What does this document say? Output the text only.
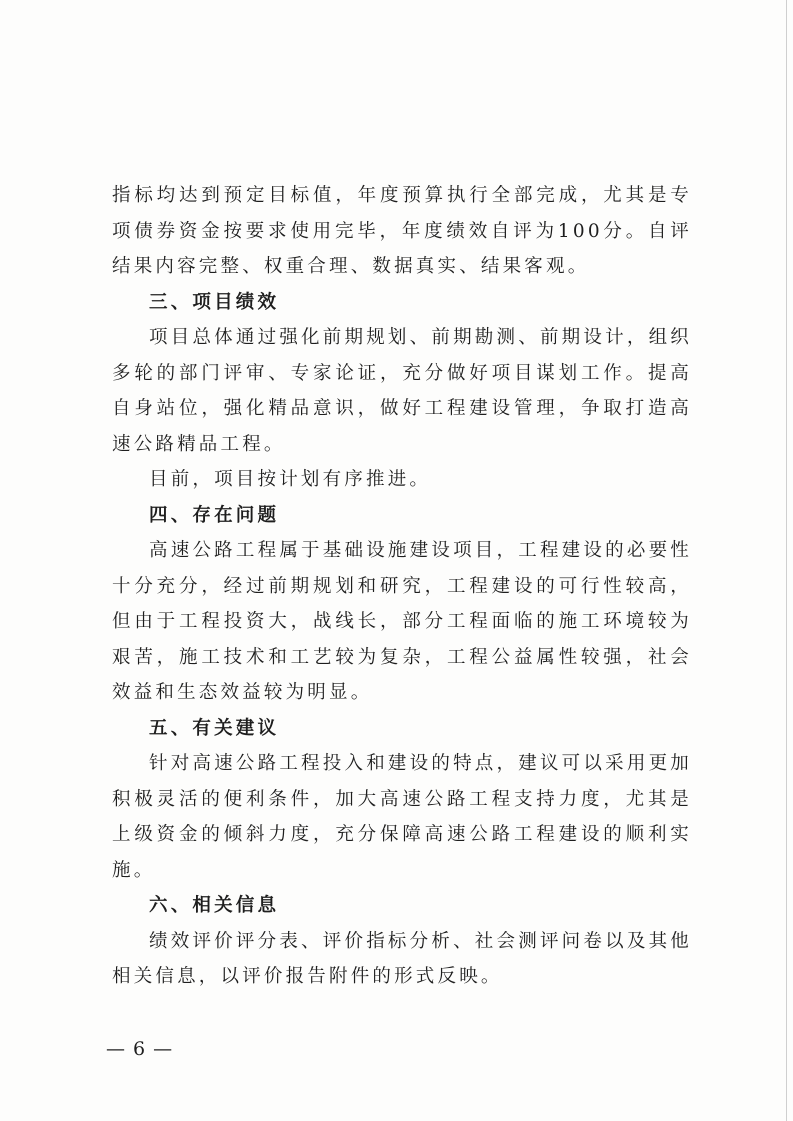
指标均达到预定目标值，年度预算执行全部完成，尤其是专项债券资金按要求使用完毕，年度绩效自评为100分。自评结果内容完整、权重合理、数据真实、结果客观。

三、项目绩效

项目总体通过强化前期规划、前期勘测、前期设计，组织多轮的部门评审、专家论证，充分做好项目谋划工作。提高自身站位，强化精品意识，做好工程建设管理，争取打造高速公路精品工程。

目前，项目按计划有序推进。

四、存在问题

高速公路工程属于基础设施建设项目，工程建设的必要性十分充分，经过前期规划和研究，工程建设的可行性较高，但由于工程投资大，战线长，部分工程面临的施工环境较为艰苦，施工技术和工艺较为复杂，工程公益属性较强，社会效益和生态效益较为明显。

五、有关建议

针对高速公路工程投入和建设的特点，建议可以采用更加积极灵活的便利条件，加大高速公路工程支持力度，尤其是上级资金的倾斜力度，充分保障高速公路工程建设的顺利实施。

六、相关信息

绩效评价评分表、评价指标分析、社会测评问卷以及其他相关信息，以评价报告附件的形式反映。

— 6 —
